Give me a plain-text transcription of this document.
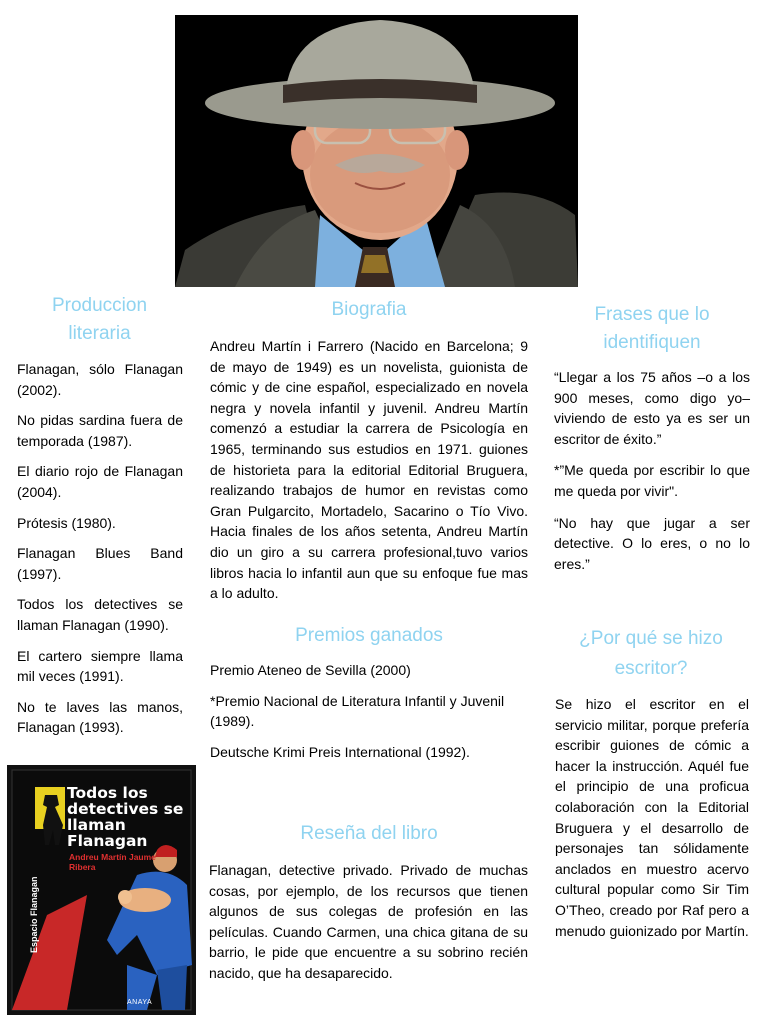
Produccion literaria

Flanagan, sólo Flanagan (2002).

No pidas sardina fuera de temporada (1987).

El diario rojo de Flanagan (2004).

Prótesis (1980).

Flanagan Blues Band (1997).

Todos los detectives se llaman Flanagan (1990).

El cartero siempre llama mil veces (1991).

No te laves las manos, Flanagan (1993).

Todos los detectives se llaman Flanagan
Andreu Martín Jaume Ribera
Espacio Flanagan
ANAYA
Biografia
Andreu Martín i Farrero (Nacido en Barcelona; 9 de mayo de 1949) es un novelista, guionista de cómic y de cine español, especializado en novela negra y novela infantil y juvenil. Andreu Martín comenzó a estudiar la carrera de Psicología en 1965, terminando sus estudios en 1971. guiones de historieta para la editorial Editorial Bruguera, realizando trabajos de humor en revistas como Gran Pulgarcito, Mortadelo, Sacarino o Tío Vivo. Hacia finales de los años setenta, Andreu Martín dio un giro a su carrera profesional,tuvo varios libros hacia lo infantil aun que su enfoque fue mas a lo adulto.
Premios ganados

Premio Ateneo de Sevilla (2000)

*Premio Nacional de Literatura Infantil y Juvenil (1989).

Deutsche Krimi Preis International (1992).

Reseña del libro
Flanagan, detective privado. Privado de muchas cosas, por ejemplo, de los recursos que tienen algunos de sus colegas de profesión en las películas. Cuando Carmen, una chica gitana de su barrio, le pide que encuentre a su sobrino recién nacido, que ha desaparecido.
Frases que lo identifiquen

“Llegar a los 75 años –o a los 900 meses, como digo yo– viviendo de esto ya es ser un escritor de éxito.”

*”Me queda por escribir lo que me queda por vivir".

“No hay que jugar a ser detective. O lo eres, o no lo eres.”

¿Por qué se hizo escritor?
Se hizo el escritor en el servicio militar, porque prefería escribir guiones de cómic a hacer la instrucción. Aquél fue el principio de una proficua colaboración con la Editorial Bruguera y el desarrollo de personajes tan sólidamente anclados en muestro acervo cultural popular como Sir Tim O’Theo, creado por Raf pero a menudo guionizado por Martín.
